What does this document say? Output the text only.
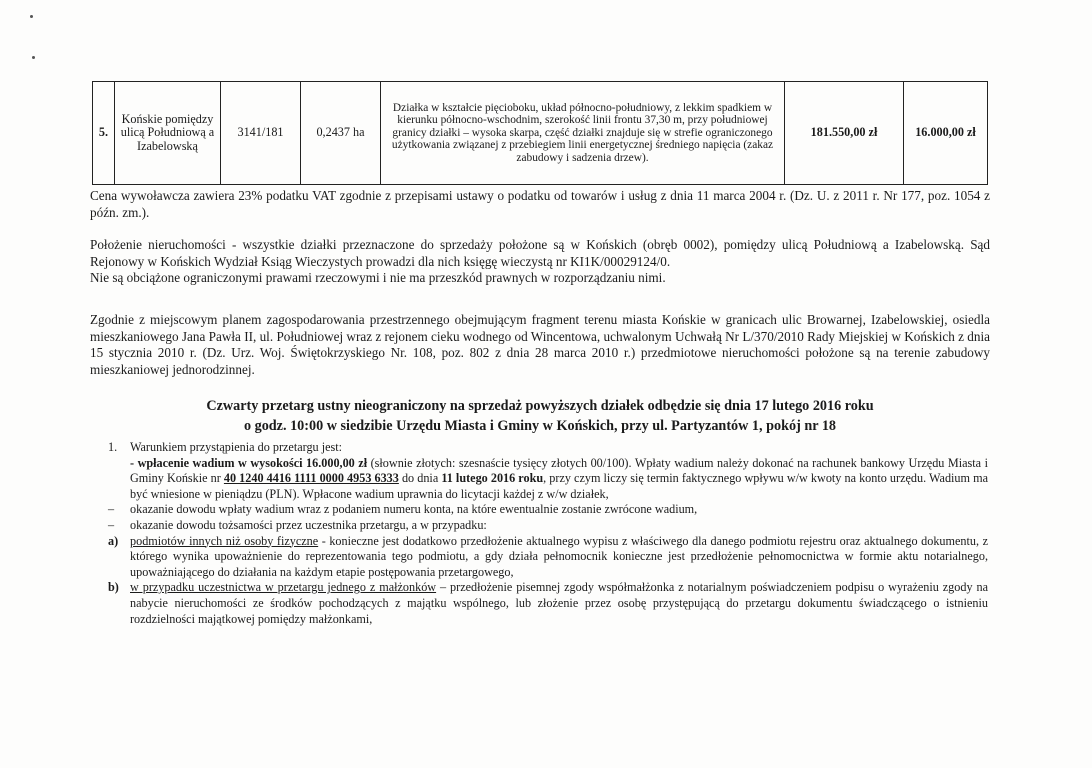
5.	Końskie pomiędzy ulicą Południową a Izabelowską	3141/181	0,2437 ha	Działka w kształcie pięcioboku, układ północno-południowy, z lekkim spadkiem w kierunku północno-wschodnim, szerokość linii frontu 37,30 m, przy południowej granicy działki – wysoka skarpa, część działki znajduje się w strefie ograniczonego użytkowania związanej z przebiegiem linii energetycznej średniego napięcia (zakaz zabudowy i sadzenia drzew).	181.550,00 zł	16.000,00 zł

Cena wywoławcza zawiera 23% podatku VAT zgodnie z przepisami ustawy o podatku od towarów i usług z dnia 11 marca 2004 r. (Dz. U. z 2011 r. Nr 177, poz. 1054 z późn. zm.).

Położenie nieruchomości - wszystkie działki przeznaczone do sprzedaży położone są w Końskich (obręb 0002), pomiędzy ulicą Południową a Izabelowską. Sąd Rejonowy w Końskich Wydział Ksiąg Wieczystych prowadzi dla nich księgę wieczystą nr KI1K/00029124/0.

Nie są obciążone ograniczonymi prawami rzeczowymi i nie ma przeszkód prawnych w rozporządzaniu nimi.

Zgodnie z miejscowym planem zagospodarowania przestrzennego obejmującym fragment terenu miasta Końskie w granicach ulic Browarnej, Izabelowskiej, osiedla mieszkaniowego Jana Pawła II, ul. Południowej wraz z rejonem cieku wodnego od Wincentowa, uchwalonym Uchwałą Nr L/370/2010 Rady Miejskiej w Końskich z dnia 15 stycznia 2010 r. (Dz. Urz. Woj. Świętokrzyskiego Nr. 108, poz. 802 z dnia 28 marca 2010 r.) przedmiotowe nieruchomości położone są na terenie zabudowy mieszkaniowej jednorodzinnej.

Czwarty przetarg ustny nieograniczony na sprzedaż powyższych działek odbędzie się dnia 17 lutego 2016 roku
o godz. 10:00 w siedzibie Urzędu Miasta i Gminy w Końskich, przy ul. Partyzantów 1, pokój nr 18
1. Warunkiem przystąpienia do przetargu jest:
- wpłacenie wadium w wysokości 16.000,00 zł (słownie złotych: szesnaście tysięcy złotych 00/100). Wpłaty wadium należy dokonać na rachunek bankowy Urzędu Miasta i Gminy Końskie nr 40 1240 4416 1111 0000 4953 6333 do dnia 11 lutego 2016 roku, przy czym liczy się termin faktycznego wpływu w/w kwoty na konto urzędu. Wadium ma być wniesione w pieniądzu (PLN). Wpłacone wadium uprawnia do licytacji każdej z w/w działek,
– okazanie dowodu wpłaty wadium wraz z podaniem numeru konta, na które ewentualnie zostanie zwrócone wadium,
– okazanie dowodu tożsamości przez uczestnika przetargu, a w przypadku:
a) podmiotów innych niż osoby fizyczne - konieczne jest dodatkowo przedłożenie aktualnego wypisu z właściwego dla danego podmiotu rejestru oraz aktualnego dokumentu, z którego wynika upoważnienie do reprezentowania tego podmiotu, a gdy działa pełnomocnik konieczne jest przedłożenie pełnomocnictwa w formie aktu notarialnego, upoważniającego do działania na każdym etapie postępowania przetargowego,
b) w przypadku uczestnictwa w przetargu jednego z małżonków – przedłożenie pisemnej zgody współmałżonka z notarialnym poświadczeniem podpisu o wyrażeniu zgody na nabycie nieruchomości ze środków pochodzących z majątku wspólnego, lub złożenie przez osobę przystępującą do przetargu dokumentu świadczącego o istnieniu rozdzielności majątkowej pomiędzy małżonkami,
